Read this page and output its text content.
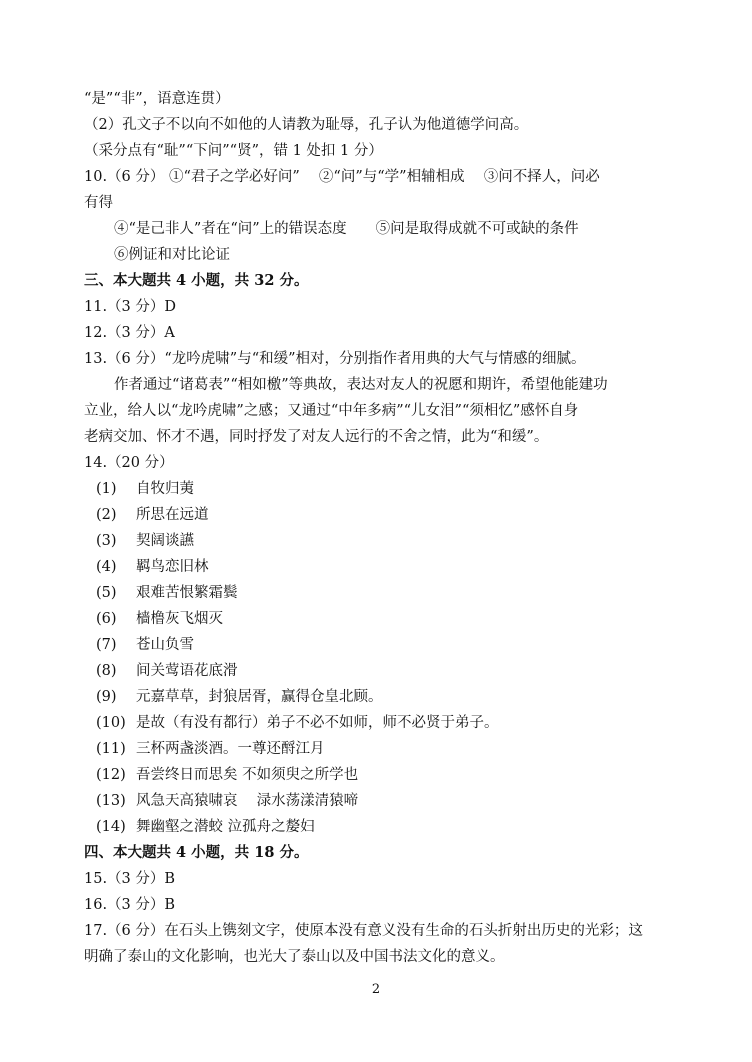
“是”“非”，语意连贯）
（2）孔文子不以向不如他的人请教为耻辱，孔子认为他道德学问高。
（采分点有“耻”“下问”“贤”，错 1 处扣 1 分）
10.（6 分） ①“君子之学必好问”　 ②“问”与“学”相辅相成　 ③问不择人，问必
有得
④“是己非人”者在“问”上的错误态度　　⑤问是取得成就不可或缺的条件
⑥例证和对比论证
三、本大题共 4 小题，共 32 分。
11.（3 分）D
12.（3 分）A
13.（6 分）“龙吟虎啸”与“和缓”相对，分别指作者用典的大气与情感的细腻。
作者通过“诸葛表”“相如檄”等典故，表达对友人的祝愿和期许，希望他能建功
立业，给人以“龙吟虎啸”之感；又通过“中年多病”“儿女泪”“须相忆”感怀自身
老病交加、怀才不遇，同时抒发了对友人远行的不舍之情，此为“和缓”。
14.（20 分）
(1) 自牧归荑
(2) 所思在远道
(3) 契阔谈讌
(4) 羁鸟恋旧林
(5) 艰难苦恨繁霜鬓
(6) 樯橹灰飞烟灭
(7) 苍山负雪
(8) 间关莺语花底滑
(9) 元嘉草草，封狼居胥，赢得仓皇北顾。
(10) 是故（有没有都行）弟子不必不如师，师不必贤于弟子。
(11) 三杯两盏淡酒。一尊还酹江月
(12) 吾尝终日而思矣 不如须臾之所学也
(13) 风急天高猿啸哀　 渌水荡漾清猿啼
(14) 舞幽壑之潜蛟 泣孤舟之嫠妇
四、本大题共 4 小题，共 18 分。
15.（3 分）B
16.（3 分）B
17.（6 分）在石头上镌刻文字，使原本没有意义没有生命的石头折射出历史的光彩；这
明确了泰山的文化影响，也光大了泰山以及中国书法文化的意义。
2
